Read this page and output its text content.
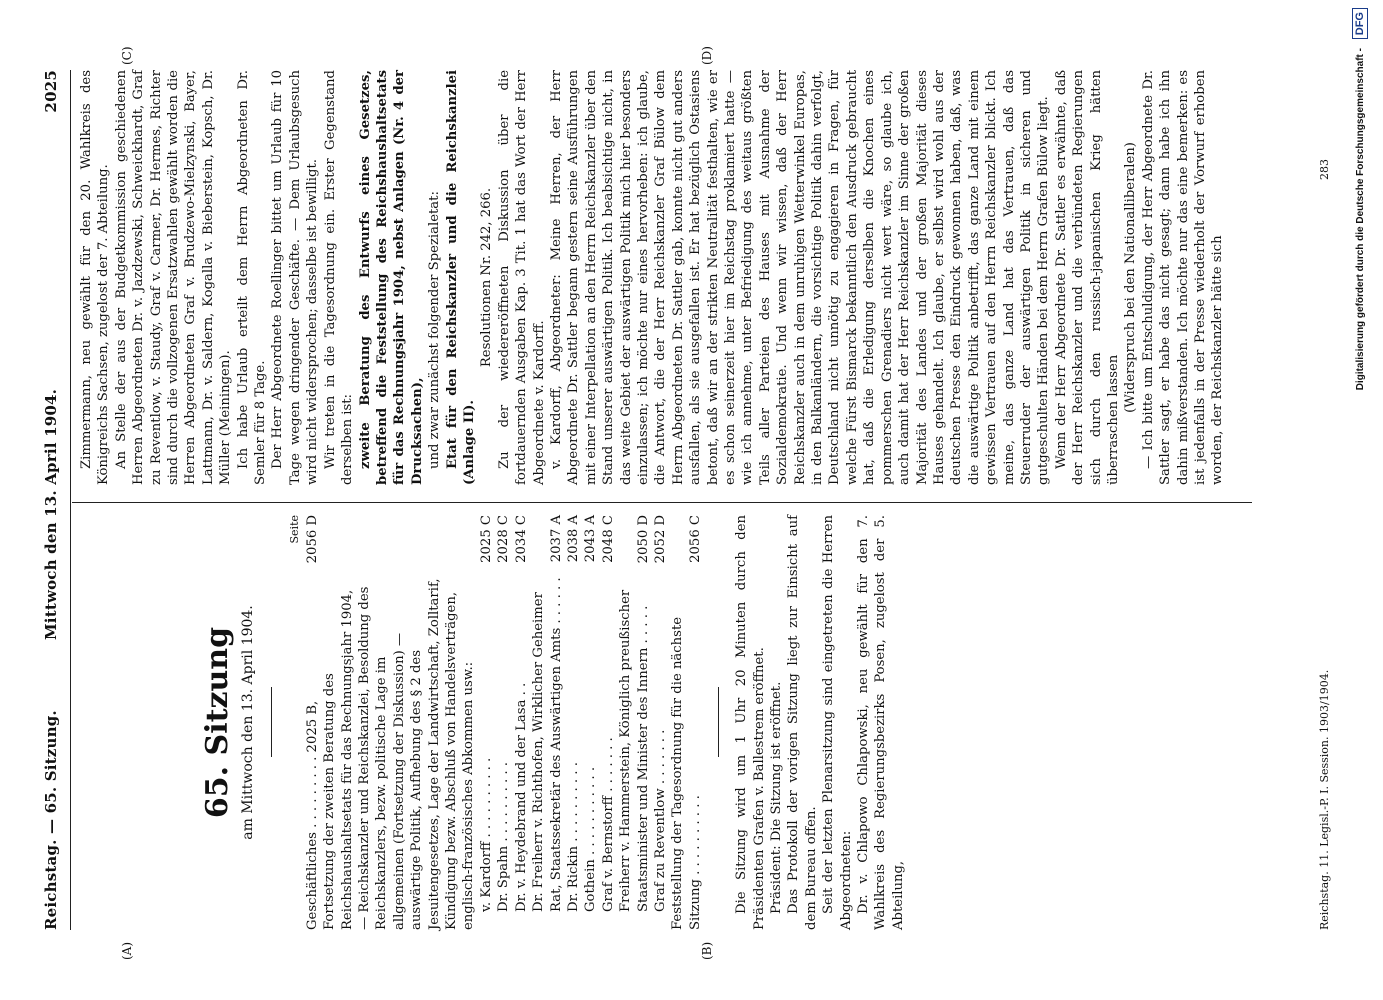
Reichstag. — 65. Sitzung.
Mittwoch den 13. April 1904.
2025
(A)	(B)
(C)	(D)
65. Sitzung am Mittwoch den 13. April 1904.
Seite
Geschäftliches . . . . . . . . . 2025 B,	2056 D
Fortsetzung der zweiten Beratung des Reichshaushaltsetats für das Rechnungsjahr 1904, — Reichskanzler und Reichskanzlei, Besoldung des Reichskanzlers, bezw. politische Lage im allgemeinen (Fortsetzung der Diskussion) — auswärtige Politik, Aufhebung des § 2 des Jesuitengesetzes, Lage der Landwirtschaft, Zolltarif, Kündigung bezw. Abschluß von Handelsverträgen, englisch-französisches Abkommen usw.:	
v. Kardorff . . . . . . . . . .	2025 C
Dr. Spahn . . . . . . . . . .	2028 C
Dr. v. Heydebrand und der Lasa . .	2034 C
Dr. Freiherr v. Richthofen, Wirklicher Geheimer Rat, Staatssekretär des Auswärtigen Amts . . . . . .	2037 A
Dr. Rickin . . . . . . . . . .	2038 A
Gothein . . . . . . . . . . .	2043 A
Graf v. Bernstorff . . . . . . .	2048 C
Freiherr v. Hammerstein, Königlich preußischer Staatsminister und Minister des Innern . . . . .	2050 D
Graf zu Reventlow . . . . . . .	2052 D
Feststellung der Tagesordnung für die nächste Sitzung . . . . . . . . . .	2056 C Die Sitzung wird um 1 Uhr 20 Minuten durch den Präsidenten Grafen v. Ballestrem eröffnet. Präsident: Die Sitzung ist eröffnet. Das Protokoll der vorigen Sitzung liegt zur Einsicht auf dem Bureau offen. Seit der letzten Plenarsitzung sind eingetreten die Herren Abgeordneten: Dr. v. Chlapowo Chlapowski, neu gewählt für den 7. Wahlkreis des Regierungsbezirks Posen, zugelost der 5. Abteilung,

Zimmermann, neu gewählt für den 20. Wahlkreis des Königreichs Sachsen, zugelost der 7. Abteilung. An Stelle der aus der Budgetkommission geschiedenen Herren Abgeordneten Dr. v. Jazdzewski, Schweickhardt, Graf zu Reventlow, v. Staudy, Graf v. Carmer, Dr. Hermes, Richter sind durch die vollzogenen Ersatzwahlen gewählt worden die Herren Abgeordneten Graf v. Brudzewo-Mielzynski, Bayer, Lattmann, Dr. v. Saldern, Kogalla v. Bieberstein, Kopsch, Dr. Müller (Meiningen). Ich habe Urlaub erteilt dem Herrn Abgeordneten Dr. Semler für 8 Tage. Der Herr Abgeordnete Roellinger bittet um Urlaub für 10 Tage wegen dringender Geschäfte. — Dem Urlaubsgesuch wird nicht widersprochen; dasselbe ist bewilligt. Wir treten in die Tagesordnung ein. Erster Gegenstand derselben ist: zweite Beratung des Entwurfs eines Gesetzes, betreffend die Feststellung des Reichshaushaltsetats für das Rechnungsjahr 1904, nebst Anlagen (Nr. 4 der Drucksachen), und zwar zunächst folgender Spezialetat: Etat für den Reichskanzler und die Reichskanzlei (Anlage II).

Resolutionen Nr. 242, 266. Zu der wiedereröffneten Diskussion über die fortdauernden Ausgaben Kap. 3 Tit. 1 hat das Wort der Herr Abgeordnete v. Kardorff. v. Kardorff, Abgeordneter: Meine Herren, der Herr Abgeordnete Dr. Sattler begann gestern seine Ausführungen mit einer Interpellation an den Herrn Reichskanzler über den Stand unserer auswärtigen Politik. Ich beabsichtige nicht, in das weite Gebiet der auswärtigen Politik mich hier besonders einzulassen; ich möchte nur eines hervorheben: ich glaube, die Antwort, die der Herr Reichskanzler Graf Bülow dem Herrn Abgeordneten Dr. Sattler gab, konnte nicht gut anders ausfallen, als sie ausgefallen ist. Er hat bezüglich Ostasiens betont, daß wir an der strikten Neutralität festhalten, wie er es schon seinerzeit hier im Reichstag proklamiert hatte — wie ich annehme, unter Befriedigung des weitaus größten Teils aller Parteien des Hauses mit Ausnahme der Sozialdemokratie. Und wenn wir wissen, daß der Herr Reichskanzler auch in dem unruhigen Wetterwinkel Europas, in den Balkanländern, die vorsichtige Politik dahin verfolgt, Deutschland nicht unnötig zu engagieren in Fragen, für welche Fürst Bismarck bekanntlich den Ausdruck gebraucht hat, daß die Erledigung derselben die Knochen eines pommerschen Grenadiers nicht wert wäre, so glaube ich, auch damit hat der Herr Reichskanzler im Sinne der großen Majorität des Landes und der großen Majorität dieses Hauses gehandelt. Ich glaube, er selbst wird wohl aus der deutschen Presse den Eindruck gewonnen haben, daß, was die auswärtige Politik anbetrifft, das ganze Land mit einem gewissen Vertrauen auf den Herrn Reichskanzler blickt. Ich meine, das ganze Land hat das Vertrauen, daß das Steuerruder der auswärtigen Politik in sicheren und gutgeschulten Händen bei dem Herrn Grafen Bülow liegt. Wenn der Herr Abgeordnete Dr. Sattler es erwähnte, daß der Herr Reichskanzler und die verbündeten Regierungen sich durch den russisch-japanischen Krieg hätten überraschen lassen

(Widerspruch bei den Nationalliberalen) — Ich bitte um Entschuldigung, der Herr Abgeordnete Dr. Sattler sagt, er habe das nicht gesagt; dann habe ich ihn dahin mißverstanden. Ich möchte nur das eine bemerken: es ist jedenfalls in der Presse wiederholt der Vorwurf erhoben worden, der Reichskanzler hätte sich

Reichstag. 11. Legisl.-P. I. Session. 1903/1904.
283	Digitalisierung gefördert durch die Deutsche Forschungsgemeinschaft - DFG
